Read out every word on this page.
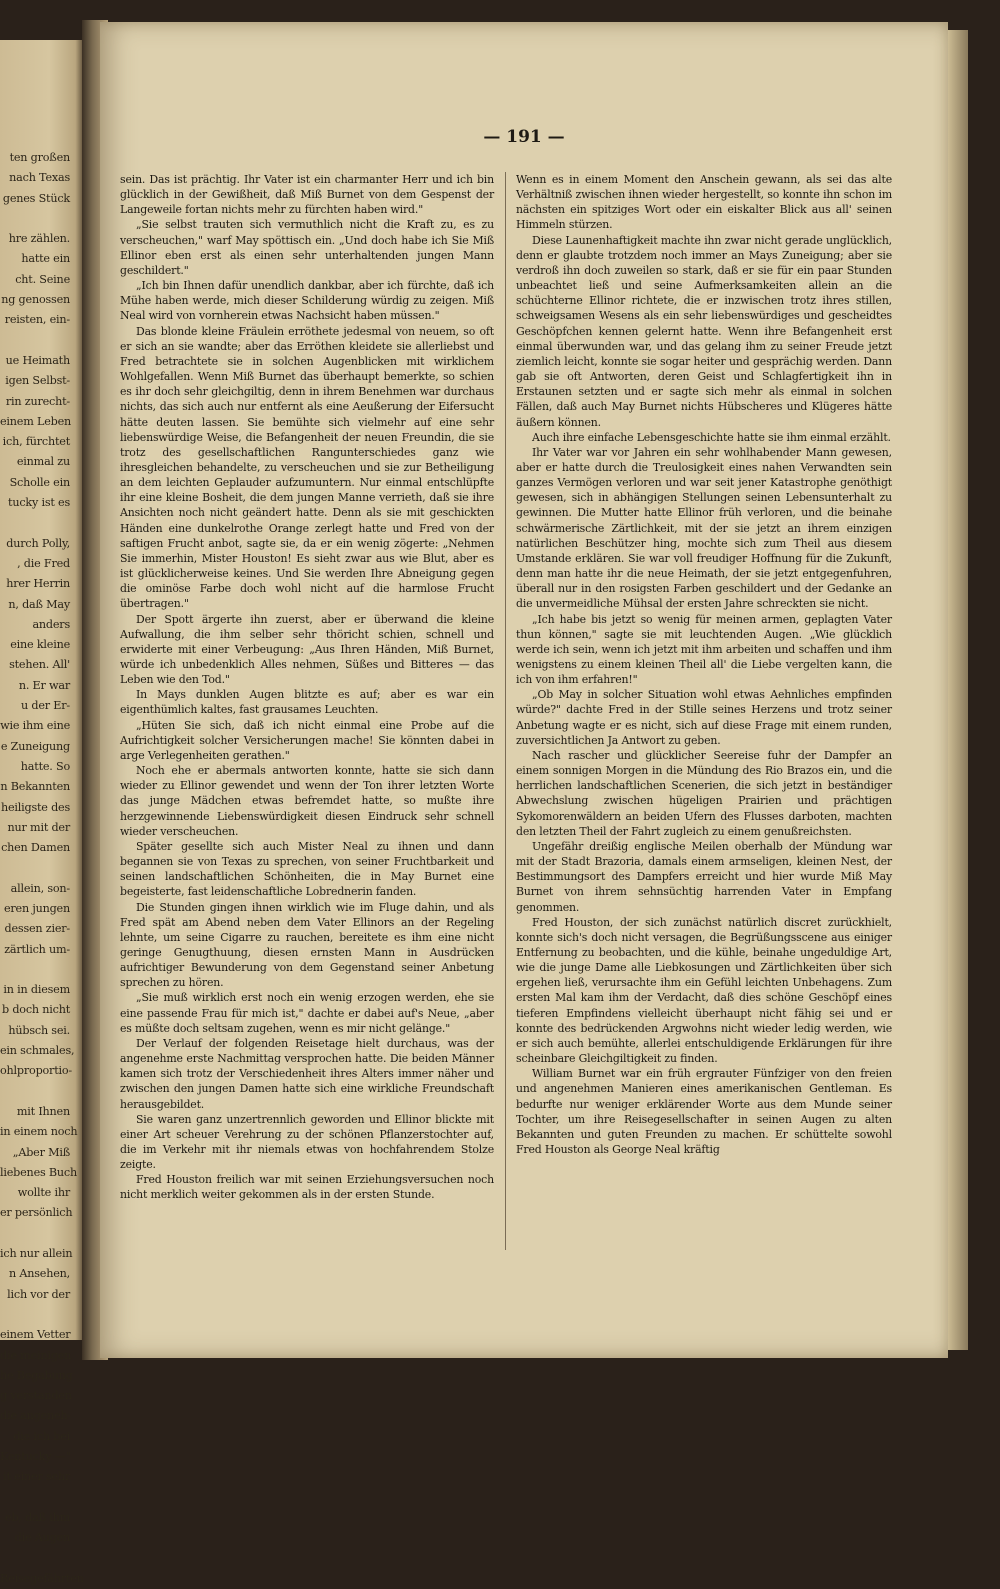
ten großen
nach Texas
genes Stück

hre zählen.
hatte ein
cht. Seine
ng genossen
reisten, ein-

ue Heimath
igen Selbst-
rin zurecht-
einem Leben
ich, fürchtet
einmal zu
Scholle ein
tucky ist es

durch Polly,
, die Fred
hrer Herrin
n, daß May
anders
eine kleine
stehen. All'
n. Er war
u der Er-
wie ihm eine
e Zuneigung
hatte. So
n Bekannten
heiligste des
nur mit der
chen Damen

allein, son-
eren jungen
dessen zier-
zärtlich um-

in in diesem
b doch nicht
hübsch sei.
ein schmales,
ohlproportio-

mit Ihnen
in einem noch
„Aber Miß
liebenes Buch
wollte ihr
er persönlich

ich nur allein
n Ansehen,
lich vor der

einem Vetter
die meinigen
he Begabung
g verstanden
die angeneh-
die ich bei
Kentucky —"
it einer sehr

eb, daß ihm
die Augen

Reisegefährten
— 191 —

sein. Das ist prächtig. Ihr Vater ist ein charmanter Herr und ich bin glücklich in der Gewißheit, daß Miß Burnet von dem Gespenst der Langeweile fortan nichts mehr zu fürchten haben wird."

„Sie selbst trauten sich vermuthlich nicht die Kraft zu, es zu verscheuchen," warf May spöttisch ein. „Und doch habe ich Sie Miß Ellinor eben erst als einen sehr unterhaltenden jungen Mann geschildert."

„Ich bin Ihnen dafür unendlich dankbar, aber ich fürchte, daß ich Mühe haben werde, mich dieser Schilderung würdig zu zeigen. Miß Neal wird von vornherein etwas Nachsicht haben müssen."

Das blonde kleine Fräulein erröthete jedesmal von neuem, so oft er sich an sie wandte; aber das Erröthen kleidete sie allerliebst und Fred betrachtete sie in solchen Augenblicken mit wirklichem Wohlgefallen. Wenn Miß Burnet das überhaupt bemerkte, so schien es ihr doch sehr gleichgiltig, denn in ihrem Benehmen war durchaus nichts, das sich auch nur entfernt als eine Aeußerung der Eifersucht hätte deuten lassen. Sie bemühte sich vielmehr auf eine sehr liebenswürdige Weise, die Befangenheit der neuen Freundin, die sie trotz des gesellschaftlichen Rangunterschiedes ganz wie ihresgleichen behandelte, zu verscheuchen und sie zur Betheiligung an dem leichten Geplauder aufzumuntern. Nur einmal entschlüpfte ihr eine kleine Bosheit, die dem jungen Manne verrieth, daß sie ihre Ansichten noch nicht geändert hatte. Denn als sie mit geschickten Händen eine dunkelrothe Orange zerlegt hatte und Fred von der saftigen Frucht anbot, sagte sie, da er ein wenig zögerte: „Nehmen Sie immerhin, Mister Houston! Es sieht zwar aus wie Blut, aber es ist glücklicherweise keines. Und Sie werden Ihre Abneigung gegen die ominöse Farbe doch wohl nicht auf die harmlose Frucht übertragen."

Der Spott ärgerte ihn zuerst, aber er überwand die kleine Aufwallung, die ihm selber sehr thöricht schien, schnell und erwiderte mit einer Verbeugung: „Aus Ihren Händen, Miß Burnet, würde ich unbedenklich Alles nehmen, Süßes und Bitteres — das Leben wie den Tod."

In Mays dunklen Augen blitzte es auf; aber es war ein eigenthümlich kaltes, fast grausames Leuchten.

„Hüten Sie sich, daß ich nicht einmal eine Probe auf die Aufrichtigkeit solcher Versicherungen mache! Sie könnten dabei in arge Verlegenheiten gerathen."

Noch ehe er abermals antworten konnte, hatte sie sich dann wieder zu Ellinor gewendet und wenn der Ton ihrer letzten Worte das junge Mädchen etwas befremdet hatte, so mußte ihre herzgewinnende Liebenswürdigkeit diesen Eindruck sehr schnell wieder verscheuchen.

Später gesellte sich auch Mister Neal zu ihnen und dann begannen sie von Texas zu sprechen, von seiner Fruchtbarkeit und seinen landschaftlichen Schönheiten, die in May Burnet eine begeisterte, fast leidenschaftliche Lobrednerin fanden.

Die Stunden gingen ihnen wirklich wie im Fluge dahin, und als Fred spät am Abend neben dem Vater Ellinors an der Regeling lehnte, um seine Cigarre zu rauchen, bereitete es ihm eine nicht geringe Genugthuung, diesen ernsten Mann in Ausdrücken aufrichtiger Bewunderung von dem Gegenstand seiner Anbetung sprechen zu hören.

„Sie muß wirklich erst noch ein wenig erzogen werden, ehe sie eine passende Frau für mich ist," dachte er dabei auf's Neue, „aber es müßte doch seltsam zugehen, wenn es mir nicht gelänge."

Der Verlauf der folgenden Reisetage hielt durchaus, was der angenehme erste Nachmittag versprochen hatte. Die beiden Männer kamen sich trotz der Verschiedenheit ihres Alters immer näher und zwischen den jungen Damen hatte sich eine wirkliche Freundschaft herausgebildet.

Sie waren ganz unzertrennlich geworden und Ellinor blickte mit einer Art scheuer Verehrung zu der schönen Pflanzerstochter auf, die im Verkehr mit ihr niemals etwas von hochfahrendem Stolze zeigte.

Fred Houston freilich war mit seinen Erziehungsversuchen noch nicht merklich weiter gekommen als in der ersten Stunde.

Wenn es in einem Moment den Anschein gewann, als sei das alte Verhältniß zwischen ihnen wieder hergestellt, so konnte ihn schon im nächsten ein spitziges Wort oder ein eiskalter Blick aus all' seinen Himmeln stürzen.

Diese Launenhaftigkeit machte ihn zwar nicht gerade unglücklich, denn er glaubte trotzdem noch immer an Mays Zuneigung; aber sie verdroß ihn doch zuweilen so stark, daß er sie für ein paar Stunden unbeachtet ließ und seine Aufmerksamkeiten allein an die schüchterne Ellinor richtete, die er inzwischen trotz ihres stillen, schweigsamen Wesens als ein sehr liebenswürdiges und gescheidtes Geschöpfchen kennen gelernt hatte. Wenn ihre Befangenheit erst einmal überwunden war, und das gelang ihm zu seiner Freude jetzt ziemlich leicht, konnte sie sogar heiter und gesprächig werden. Dann gab sie oft Antworten, deren Geist und Schlagfertigkeit ihn in Erstaunen setzten und er sagte sich mehr als einmal in solchen Fällen, daß auch May Burnet nichts Hübscheres und Klügeres hätte äußern können.

Auch ihre einfache Lebensgeschichte hatte sie ihm einmal erzählt.

Ihr Vater war vor Jahren ein sehr wohlhabender Mann gewesen, aber er hatte durch die Treulosigkeit eines nahen Verwandten sein ganzes Vermögen verloren und war seit jener Katastrophe genöthigt gewesen, sich in abhängigen Stellungen seinen Lebensunterhalt zu gewinnen. Die Mutter hatte Ellinor früh verloren, und die beinahe schwärmerische Zärtlichkeit, mit der sie jetzt an ihrem einzigen natürlichen Beschützer hing, mochte sich zum Theil aus diesem Umstande erklären. Sie war voll freudiger Hoffnung für die Zukunft, denn man hatte ihr die neue Heimath, der sie jetzt entgegenfuhren, überall nur in den rosigsten Farben geschildert und der Gedanke an die unvermeidliche Mühsal der ersten Jahre schreckten sie nicht.

„Ich habe bis jetzt so wenig für meinen armen, geplagten Vater thun können," sagte sie mit leuchtenden Augen. „Wie glücklich werde ich sein, wenn ich jetzt mit ihm arbeiten und schaffen und ihm wenigstens zu einem kleinen Theil all' die Liebe vergelten kann, die ich von ihm erfahren!"

„Ob May in solcher Situation wohl etwas Aehnliches empfinden würde?" dachte Fred in der Stille seines Herzens und trotz seiner Anbetung wagte er es nicht, sich auf diese Frage mit einem runden, zuversichtlichen Ja Antwort zu geben.

Nach rascher und glücklicher Seereise fuhr der Dampfer an einem sonnigen Morgen in die Mündung des Rio Brazos ein, und die herrlichen landschaftlichen Scenerien, die sich jetzt in beständiger Abwechslung zwischen hügeligen Prairien und prächtigen Sykomorenwäldern an beiden Ufern des Flusses darboten, machten den letzten Theil der Fahrt zugleich zu einem genußreichsten.

Ungefähr dreißig englische Meilen oberhalb der Mündung war mit der Stadt Brazoria, damals einem armseligen, kleinen Nest, der Bestimmungsort des Dampfers erreicht und hier wurde Miß May Burnet von ihrem sehnsüchtig harrenden Vater in Empfang genommen.

Fred Houston, der sich zunächst natürlich discret zurückhielt, konnte sich's doch nicht versagen, die Begrüßungsscene aus einiger Entfernung zu beobachten, und die kühle, beinahe ungeduldige Art, wie die junge Dame alle Liebkosungen und Zärtlichkeiten über sich ergehen ließ, verursachte ihm ein Gefühl leichten Unbehagens. Zum ersten Mal kam ihm der Verdacht, daß dies schöne Geschöpf eines tieferen Empfindens vielleicht überhaupt nicht fähig sei und er konnte des bedrückenden Argwohns nicht wieder ledig werden, wie er sich auch bemühte, allerlei entschuldigende Erklärungen für ihre scheinbare Gleichgiltigkeit zu finden.

William Burnet war ein früh ergrauter Fünfziger von den freien und angenehmen Manieren eines amerikanischen Gentleman. Es bedurfte nur weniger erklärender Worte aus dem Munde seiner Tochter, um ihre Reisegesellschafter in seinen Augen zu alten Bekannten und guten Freunden zu machen. Er schüttelte sowohl Fred Houston als George Neal kräftig
